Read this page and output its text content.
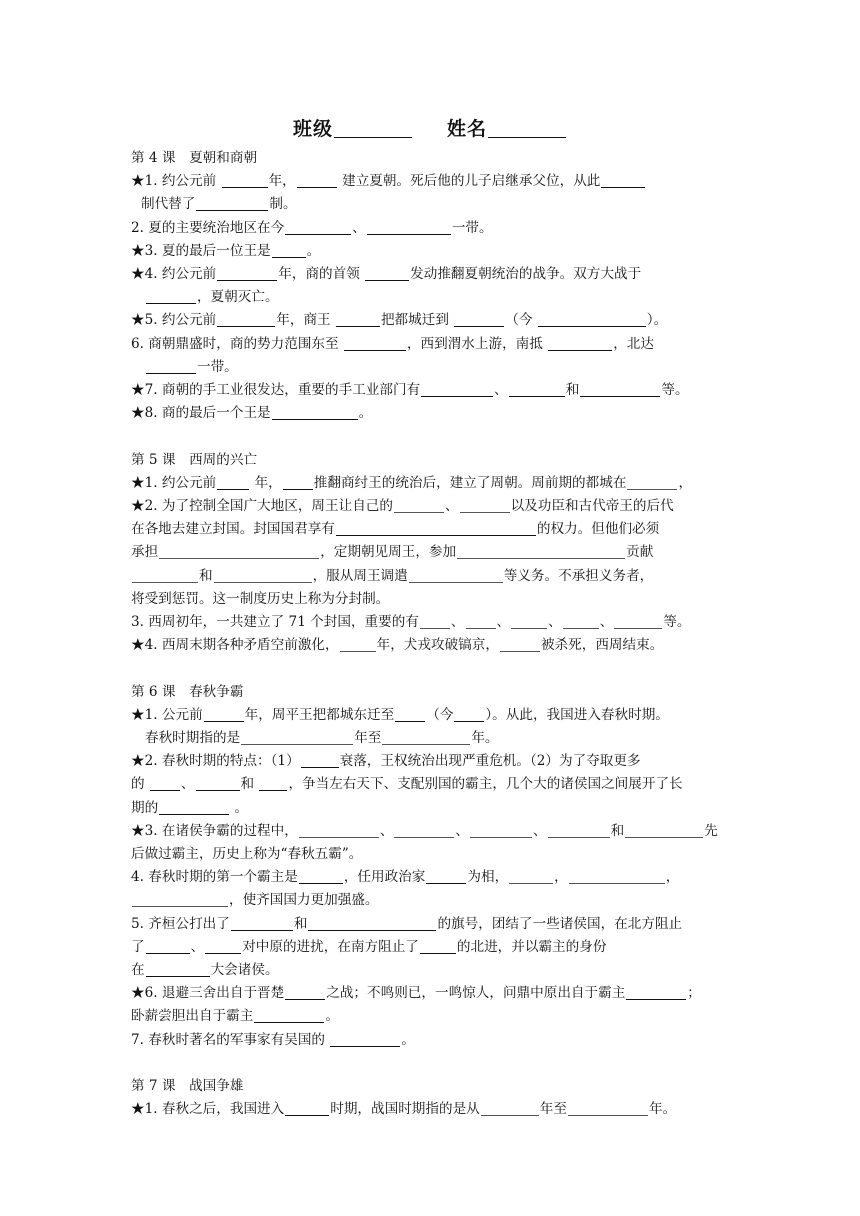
班级	姓名
第 4 课　夏朝和商朝
★1. 约公元前	年，	建立夏朝。死后他的儿子启继承父位，从此
制代替了	制。
2. 夏的主要统治地区在今	、	一带。
★3. 夏的最后一位王是	。
★4. 约公元前	年，商的首领	发动推翻夏朝统治的战争。双方大战于
，夏朝灭亡。
★5. 约公元前	年，商王	把都城迁到	（今	）。
6. 商朝鼎盛时，商的势力范围东至	，西到渭水上游，南抵	，北达
一带。
★7. 商朝的手工业很发达，重要的手工业部门有	、	和	等。
★8. 商的最后一个王是	。
第 5 课　西周的兴亡
★1. 约公元前	年， 推翻商纣王的统治后，建立了周朝。周前期的都城在	，
★2. 为了控制全国广大地区，周王让自己的	、	以及功臣和古代帝王的后代
在各地去建立封国。封国国君享有	的权力。但他们必须
承担	，定期朝见周王，参加	贡献
和	，服从周王调遣	等义务。不承担义务者，
将受到惩罚。这一制度历史上称为分封制。
3. 西周初年，一共建立了 71 个封国，重要的有 、 、	、	、	等。
★4. 西周末期各种矛盾空前激化，	年，犬戎攻破镐京，	被杀死，西周结束。
第 6 课　春秋争霸
★1. 公元前	年，周平王把都城东迁至 （今 ）。从此，我国进入春秋时期。
春秋时期指的是	年至	年。
★2. 春秋时期的特点：（1）	衰落，王权统治出现严重危机。（2）为了夺取更多
的 、	和 ，争当左右天下、支配别国的霸主，几个大的诸侯国之间展开了长
期的	。
★3. 在诸侯争霸的过程中，	、	、	、	和	先
后做过霸主，历史上称为“春秋五霸”。
4. 春秋时期的第一个霸主是	，任用政治家	为相，	，	，
，使齐国国力更加强盛。
5. 齐桓公打出了	和	的旗号，团结了一些诸侯国，在北方阻止
了	、	对中原的进扰，在南方阻止了	的北进，并以霸主的身份
在	大会诸侯。
★6. 退避三舍出自于晋楚	之战；不鸣则已，一鸣惊人，问鼎中原出自于霸主	；
卧薪尝胆出自于霸主	。
7. 春秋时著名的军事家有吴国的	。
第 7 课　战国争雄
★1. 春秋之后，我国进入	时期，战国时期指的是从	年至	年。
